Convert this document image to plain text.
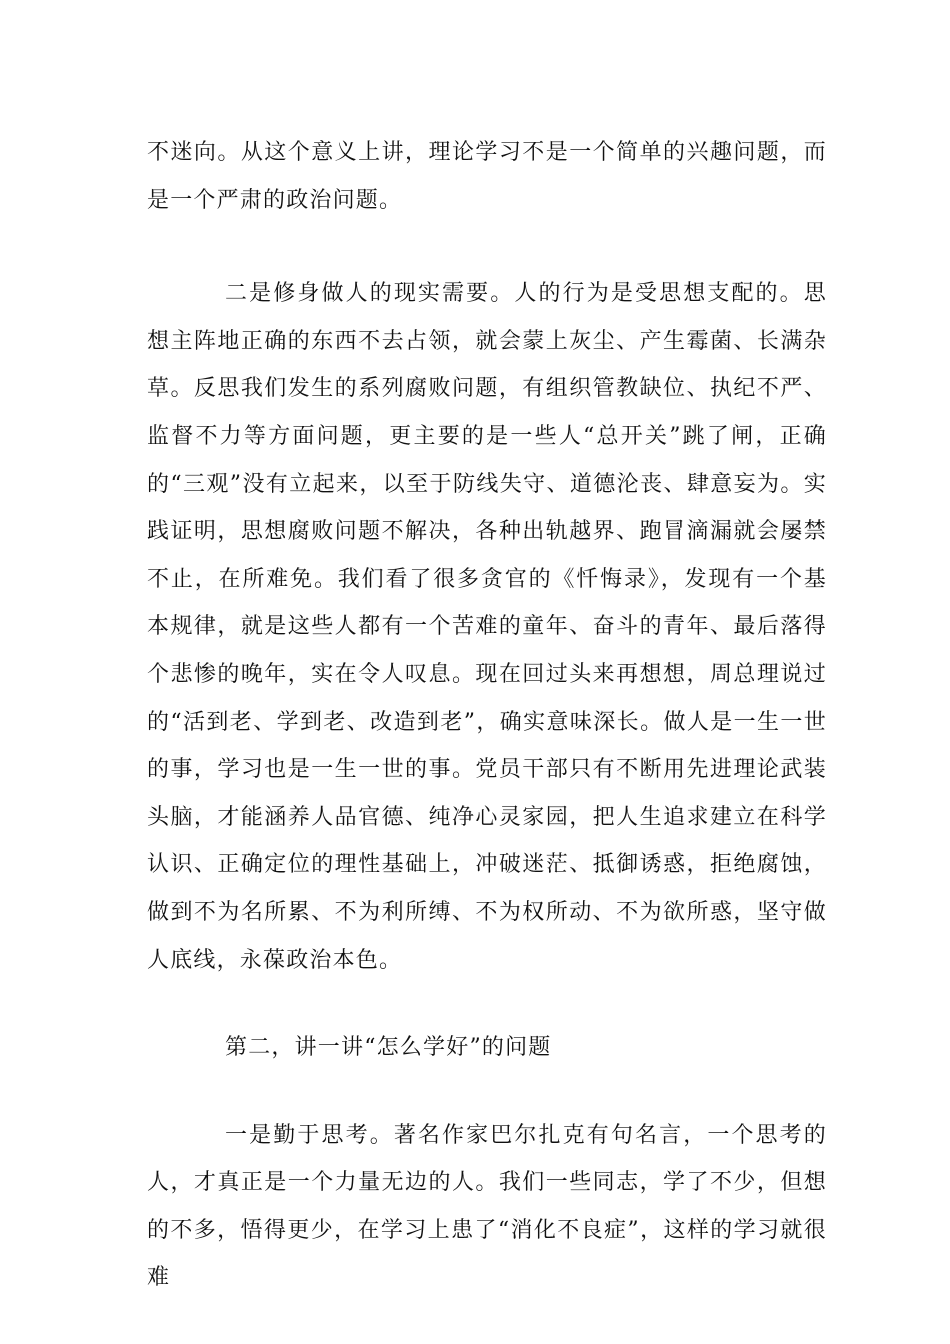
不迷向。从这个意义上讲，理论学习不是一个简单的兴趣问题，而是一个严肃的政治问题。

二是修身做人的现实需要。人的行为是受思想支配的。思想主阵地正确的东西不去占领，就会蒙上灰尘、产生霉菌、长满杂草。反思我们发生的系列腐败问题，有组织管教缺位、执纪不严、监督不力等方面问题，更主要的是一些人“总开关”跳了闸，正确的“三观”没有立起来，以至于防线失守、道德沦丧、肆意妄为。实践证明，思想腐败问题不解决，各种出轨越界、跑冒滴漏就会屡禁不止，在所难免。我们看了很多贪官的《忏悔录》，发现有一个基本规律，就是这些人都有一个苦难的童年、奋斗的青年、最后落得个悲惨的晚年，实在令人叹息。现在回过头来再想想，周总理说过的“活到老、学到老、改造到老”，确实意味深长。做人是一生一世的事，学习也是一生一世的事。党员干部只有不断用先进理论武装头脑，才能涵养人品官德、纯净心灵家园，把人生追求建立在科学认识、正确定位的理性基础上，冲破迷茫、抵御诱惑，拒绝腐蚀，做到不为名所累、不为利所缚、不为权所动、不为欲所惑，坚守做人底线，永葆政治本色。

第二，讲一讲“怎么学好”的问题

一是勤于思考。著名作家巴尔扎克有句名言，一个思考的人，才真正是一个力量无边的人。我们一些同志，学了不少，但想的不多，悟得更少，在学习上患了“消化不良症”，这样的学习就很难
